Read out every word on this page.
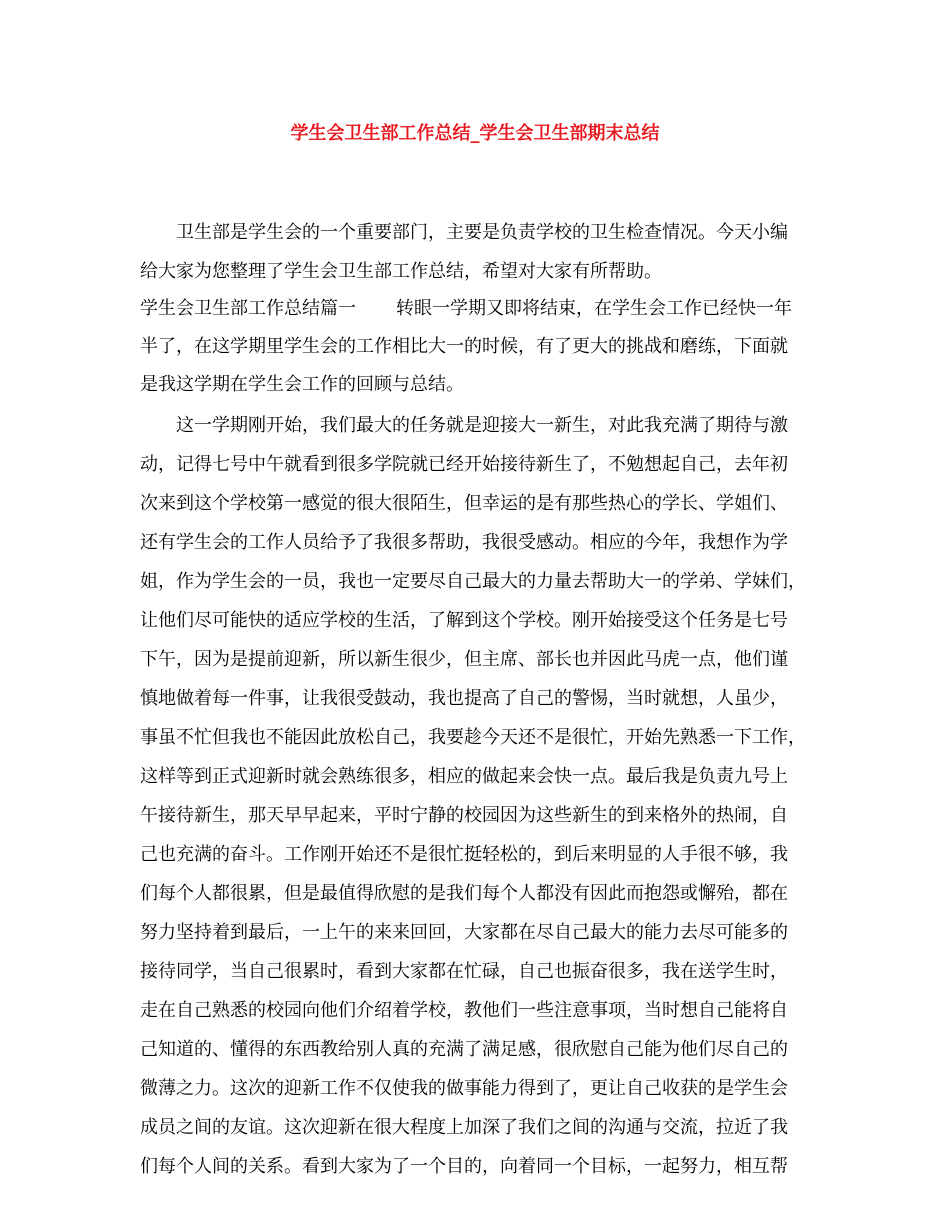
学生会卫生部工作总结_学生会卫生部期末总结
卫生部是学生会的一个重要部门，主要是负责学校的卫生检查情况。今天小编
给大家为您整理了学生会卫生部工作总结，希望对大家有所帮助。
学生会卫生部工作总结篇一 转眼一学期又即将结束，在学生会工作已经快一年
半了，在这学期里学生会的工作相比大一的时候，有了更大的挑战和磨练，下面就
是我这学期在学生会工作的回顾与总结。
这一学期刚开始，我们最大的任务就是迎接大一新生，对此我充满了期待与激
动，记得七号中午就看到很多学院就已经开始接待新生了，不勉想起自己，去年初
次来到这个学校第一感觉的很大很陌生，但幸运的是有那些热心的学长、学姐们、
还有学生会的工作人员给予了我很多帮助，我很受感动。相应的今年，我想作为学
姐，作为学生会的一员，我也一定要尽自己最大的力量去帮助大一的学弟、学妹们，
让他们尽可能快的适应学校的生活，了解到这个学校。刚开始接受这个任务是七号
下午，因为是提前迎新，所以新生很少，但主席、部长也并因此马虎一点，他们谨
慎地做着每一件事，让我很受鼓动，我也提高了自己的警惕，当时就想，人虽少，
事虽不忙但我也不能因此放松自己，我要趁今天还不是很忙，开始先熟悉一下工作，
这样等到正式迎新时就会熟练很多，相应的做起来会快一点。最后我是负责九号上
午接待新生，那天早早起来，平时宁静的校园因为这些新生的到来格外的热闹，自
己也充满的奋斗。工作刚开始还不是很忙挺轻松的，到后来明显的人手很不够，我
们每个人都很累，但是最值得欣慰的是我们每个人都没有因此而抱怨或懈殆，都在
努力坚持着到最后，一上午的来来回回，大家都在尽自己最大的能力去尽可能多的
接待同学，当自己很累时，看到大家都在忙碌，自己也振奋很多，我在送学生时，
走在自己熟悉的校园向他们介绍着学校，教他们一些注意事项，当时想自己能将自
己知道的、懂得的东西教给别人真的充满了满足感，很欣慰自己能为他们尽自己的
微薄之力。这次的迎新工作不仅使我的做事能力得到了，更让自己收获的是学生会
成员之间的友谊。这次迎新在很大程度上加深了我们之间的沟通与交流，拉近了我
们每个人间的关系。看到大家为了一个目的，向着同一个目标，一起努力，相互帮
